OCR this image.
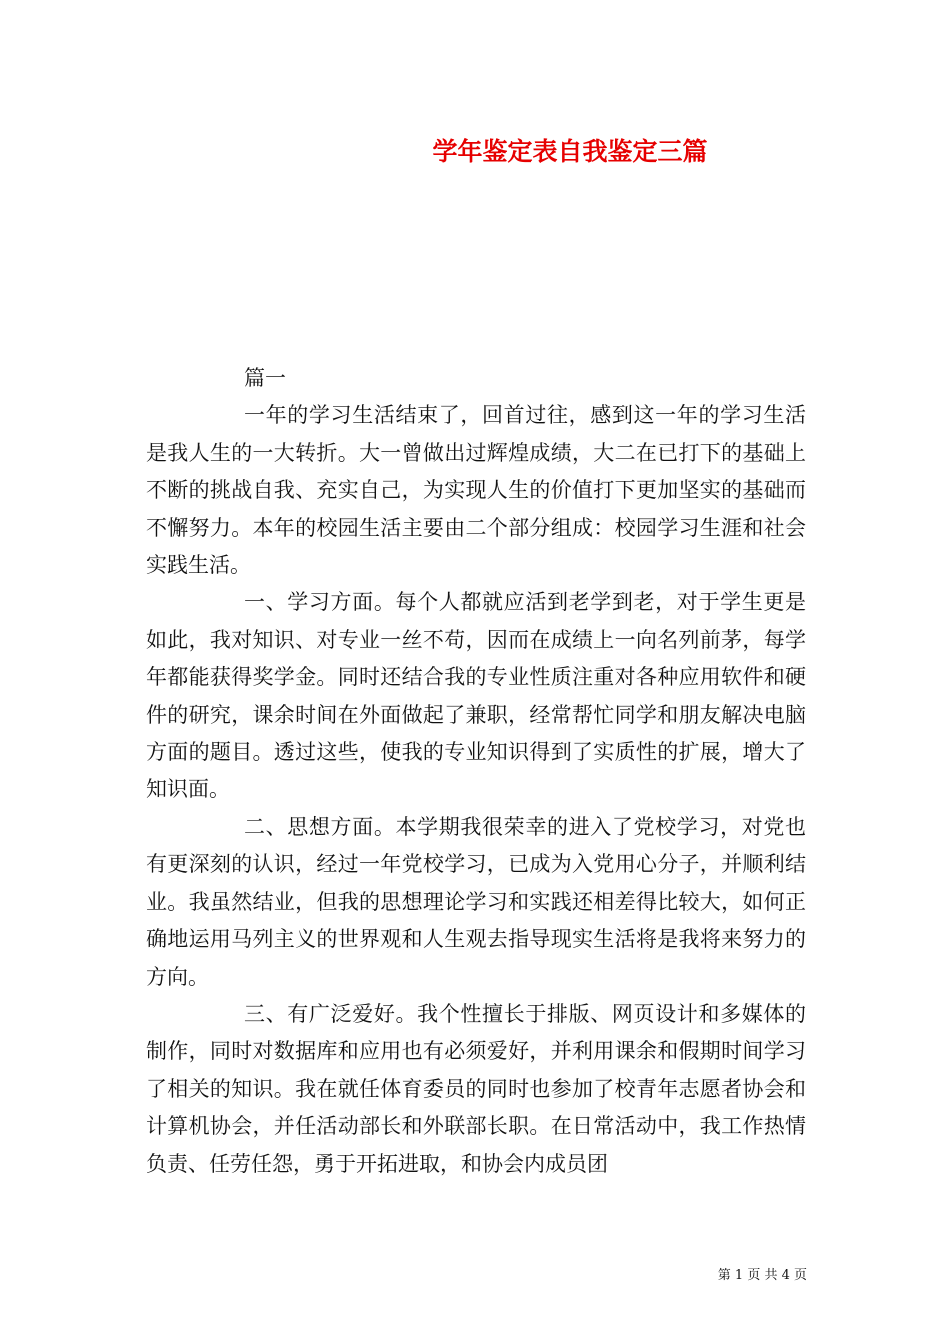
学年鉴定表自我鉴定三篇

篇一

一年的学习生活结束了，回首过往，感到这一年的学习生活是我人生的一大转折。大一曾做出过辉煌成绩，大二在已打下的基础上不断的挑战自我、充实自己，为实现人生的价值打下更加坚实的基础而不懈努力。本年的校园生活主要由二个部分组成：校园学习生涯和社会实践生活。

一、学习方面。每个人都就应活到老学到老，对于学生更是如此，我对知识、对专业一丝不苟，因而在成绩上一向名列前茅，每学年都能获得奖学金。同时还结合我的专业性质注重对各种应用软件和硬件的研究，课余时间在外面做起了兼职，经常帮忙同学和朋友解决电脑方面的题目。透过这些，使我的专业知识得到了实质性的扩展，增大了知识面。

二、思想方面。本学期我很荣幸的进入了党校学习，对党也有更深刻的认识，经过一年党校学习，已成为入党用心分子，并顺利结业。我虽然结业，但我的思想理论学习和实践还相差得比较大，如何正确地运用马列主义的世界观和人生观去指导现实生活将是我将来努力的方向。

三、有广泛爱好。我个性擅长于排版、网页设计和多媒体的制作，同时对数据库和应用也有必须爱好，并利用课余和假期时间学习了相关的知识。我在就任体育委员的同时也参加了校青年志愿者协会和计算机协会，并任活动部长和外联部长职。在日常活动中，我工作热情负责、任劳任怨，勇于开拓进取，和协会内成员团

第 1 页 共 4 页
